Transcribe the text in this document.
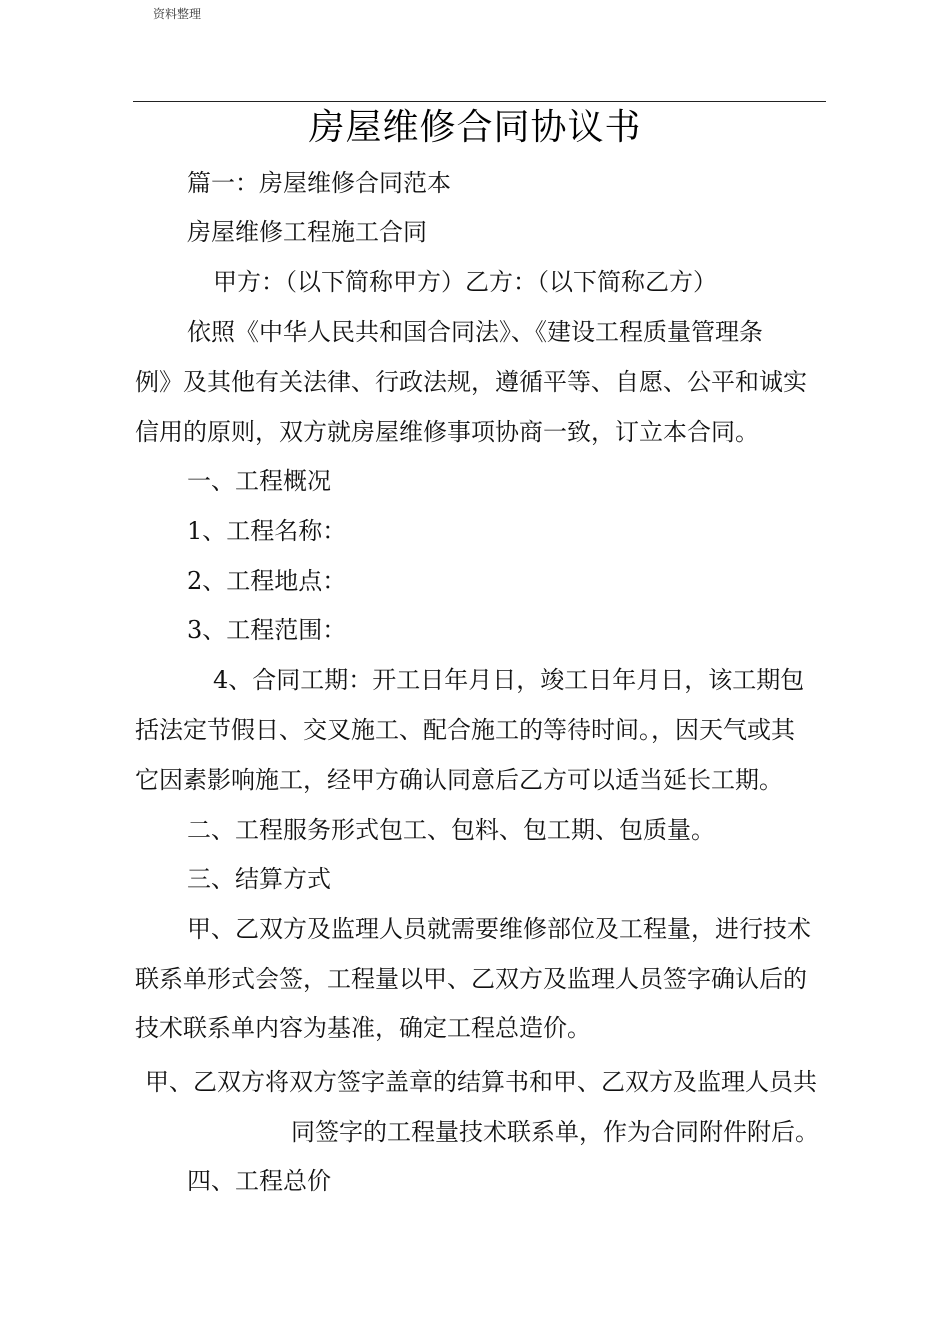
资料整理
房屋维修合同协议书
篇一：房屋维修合同范本
房屋维修工程施工合同
甲方：（以下简称甲方）乙方：（以下简称乙方）
依照《中华人民共和国合同法》、《建设工程质量管理条
例》及其他有关法律、行政法规，遵循平等、自愿、公平和诚实
信用的原则，双方就房屋维修事项协商一致，订立本合同。
一、工程概况
1、工程名称：
2、工程地点：
3、工程范围：
4、合同工期：开工日年月日，竣工日年月日，该工期包
括法定节假日、交叉施工、配合施工的等待时间。，因天气或其
它因素影响施工，经甲方确认同意后乙方可以适当延长工期。
二、工程服务形式包工、包料、包工期、包质量。
三、结算方式
甲、乙双方及监理人员就需要维修部位及工程量，进行技术
联系单形式会签，工程量以甲、乙双方及监理人员签字确认后的
技术联系单内容为基准，确定工程总造价。
甲、乙双方将双方签字盖章的结算书和甲、乙双方及监理人员共
同签字的工程量技术联系单，作为合同附件附后。
四、工程总价
